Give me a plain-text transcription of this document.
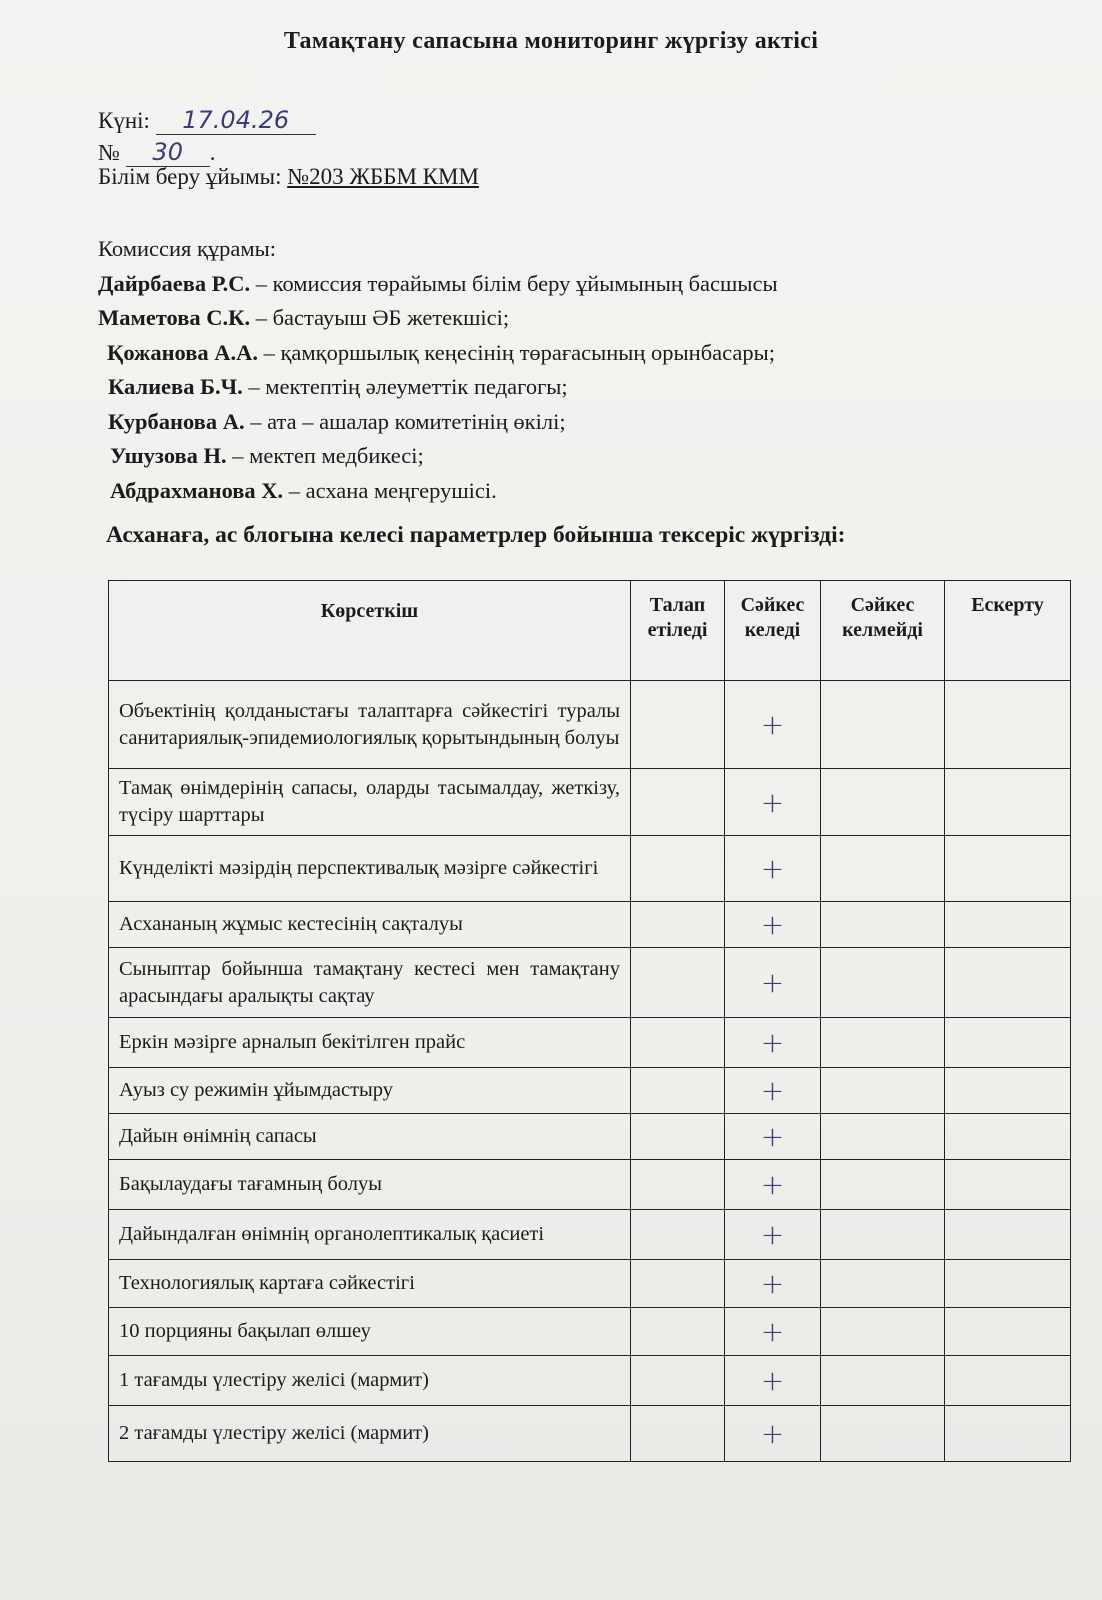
Тамақтану сапасына мониторинг жүргізу актісі
Күні: 17.04.26
№ 30 .
Білім беру ұйымы: №203 ЖББМ КММ
Комиссия құрамы:
Дайрбаева Р.С. – комиссия төрайымы білім беру ұйымының басшысы
Маметова С.К. – бастауыш ӘБ жетекшісі;
Қожанова А.А. – қамқоршылық кеңесінің төрағасының орынбасары;
Калиева Б.Ч. – мектептің әлеуметтік педагогы;
Курбанова А. – ата – ашалар комитетінің өкілі;
Ушузова Н. – мектеп медбикесі;
Абдрахманова Х. – асхана меңгерушісі.
Асханаға, ас блогына келесі параметрлер бойынша тексеріс жүргізді:
Көрсеткіш	Талап етіледі	Сәйкес келеді	Сәйкес келмейді	Ескерту
Объектінің қолданыстағы талаптарға сәйкестігі туралы санитариялық-эпидемиологиялық қорытындының болуы		+		
Тамақ өнімдерінің сапасы, оларды тасымалдау, жеткізу, түсіру шарттары		+		
Күнделікті мәзірдің перспективалық мәзірге сәйкестігі		+		
Асхананың жұмыс кестесінің сақталуы		+		
Сыныптар бойынша тамақтану кестесі мен тамақтану арасындағы аралықты сақтау		+		
Еркін мәзірге арналып бекітілген прайс		+		
Ауыз су режимін ұйымдастыру		+		
Дайын өнімнің сапасы		+		
Бақылаудағы тағамның болуы		+		
Дайындалған өнімнің органолептикалық қасиеті		+		
Технологиялық картаға сәйкестігі		+		
10 порцияны бақылап өлшеу		+		
1 тағамды үлестіру желісі (мармит)		+		
2 тағамды үлестіру желісі (мармит)		+		
